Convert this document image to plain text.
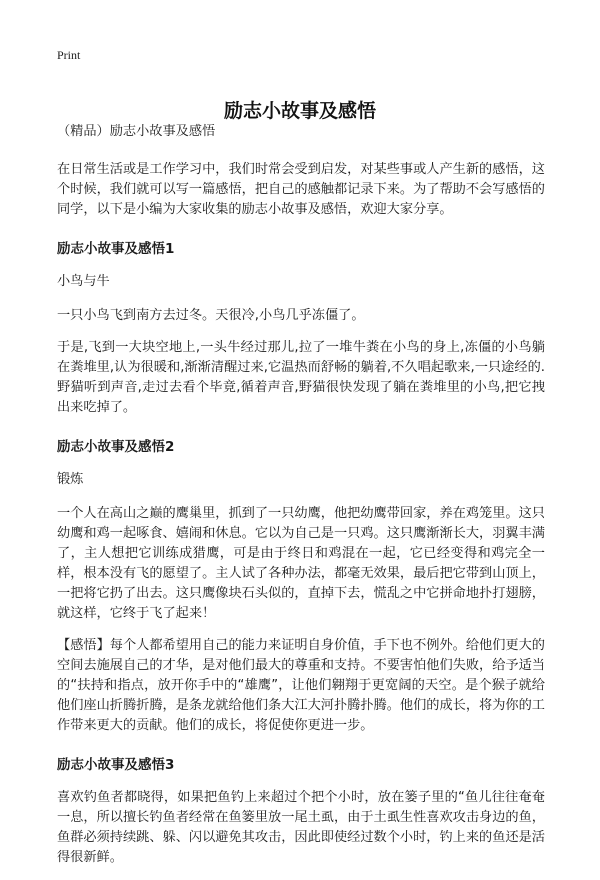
Print
励志小故事及感悟

（精品）励志小故事及感悟

在日常生活或是工作学习中，我们时常会受到启发，对某些事或人产生新的感悟，这个时候，我们就可以写一篇感悟，把自己的感触都记录下来。为了帮助不会写感悟的同学，以下是小编为大家收集的励志小故事及感悟，欢迎大家分享。

励志小故事及感悟1

小鸟与牛

一只小鸟飞到南方去过冬。天很冷,小鸟几乎冻僵了。

于是,飞到一大块空地上,一头牛经过那儿,拉了一堆牛粪在小鸟的身上,冻僵的小鸟躺在粪堆里,认为很暖和,渐渐清醒过来,它温热而舒畅的躺着,不久唱起歌来,一只途经的.野猫听到声音,走过去看个毕竟,循着声音,野猫很快发现了躺在粪堆里的小鸟,把它拽出来吃掉了。

励志小故事及感悟2

锻炼

一个人在高山之巅的鹰巢里，抓到了一只幼鹰，他把幼鹰带回家，养在鸡笼里。这只幼鹰和鸡一起啄食、嬉闹和休息。它以为自己是一只鸡。这只鹰渐渐长大，羽翼丰满了，主人想把它训练成猎鹰，可是由于终日和鸡混在一起，它已经变得和鸡完全一样，根本没有飞的愿望了。主人试了各种办法，都毫无效果，最后把它带到山顶上，一把将它扔了出去。这只鹰像块石头似的，直掉下去，慌乱之中它拼命地扑打翅膀，就这样，它终于飞了起来！

【感悟】每个人都希望用自己的能力来证明自身价值，手下也不例外。给他们更大的空间去施展自己的才华，是对他们最大的尊重和支持。不要害怕他们失败，给予适当的“扶持和指点，放开你手中的“雄鹰”，让他们翱翔于更宽阔的天空。是个猴子就给他们座山折腾折腾，是条龙就给他们条大江大河扑腾扑腾。他们的成长，将为你的工作带来更大的贡献。他们的成长，将促使你更进一步。

励志小故事及感悟3

喜欢钓鱼者都晓得，如果把鱼钓上来超过个把个小时，放在篓子里的“鱼儿往往奄奄一息，所以擅长钓鱼者经常在鱼篓里放一尾土虱，由于土虱生性喜欢攻击身边的鱼，鱼群必须持续跳、躲、闪以避免其攻击，因此即使经过数个小时，钓上来的鱼还是活得很新鲜。
